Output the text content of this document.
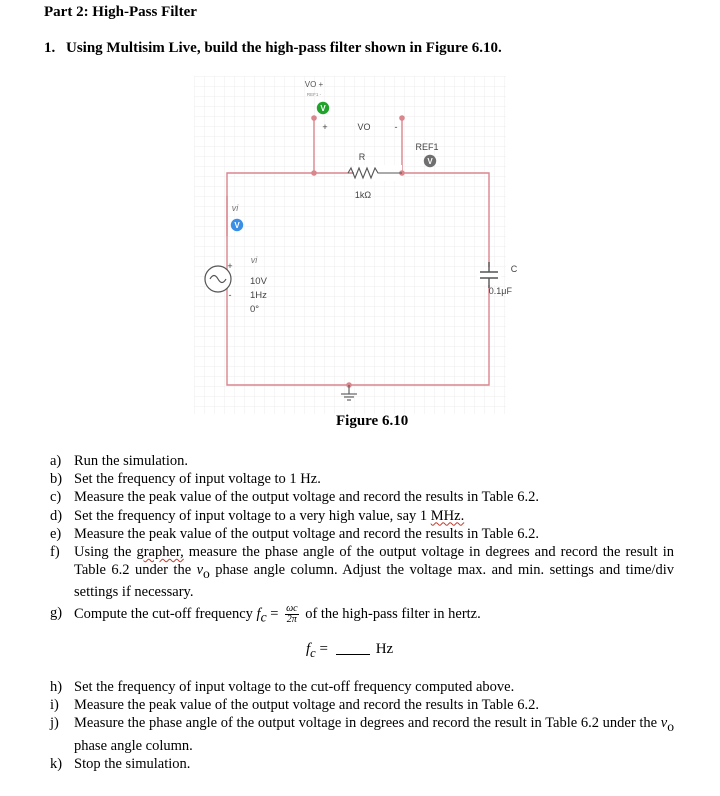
Part 2: High-Pass Filter
1. Using Multisim Live, build the high-pass filter shown in Figure 6.10.
VO +
REF1 -
V
+	VO	-
REF1
V
R
1kΩ
vi
V
vi
+
-
10V
1Hz
0°
C
0.1μF
Figure 6.10
a) Run the simulation.
b) Set the frequency of input voltage to 1 Hz.
c) Measure the peak value of the output voltage and record the results in Table 6.2.
d) Set the frequency of input voltage to a very high value, say 1 MHz.
e) Measure the peak value of the output voltage and record the results in Table 6.2.
f) Using the grapher, measure the phase angle of the output voltage in degrees and record the result in Table 6.2 under the $v_o$ phase angle column. Adjust the voltage max. and min. settings and time/div settings if necessary.
g) Compute the cut-off frequency $f_c = \frac{\omega c}{2\pi}$ of the high-pass filter in hertz.
$f_c$ =	Hz
h) Set the frequency of input voltage to the cut-off frequency computed above.
i)	Measure the peak value of the output voltage and record the results in Table 6.2.
j)	Measure the phase angle of the output voltage in degrees and record the result in Table 6.2 under the $v_o$ phase angle column.
k) Stop the simulation.
